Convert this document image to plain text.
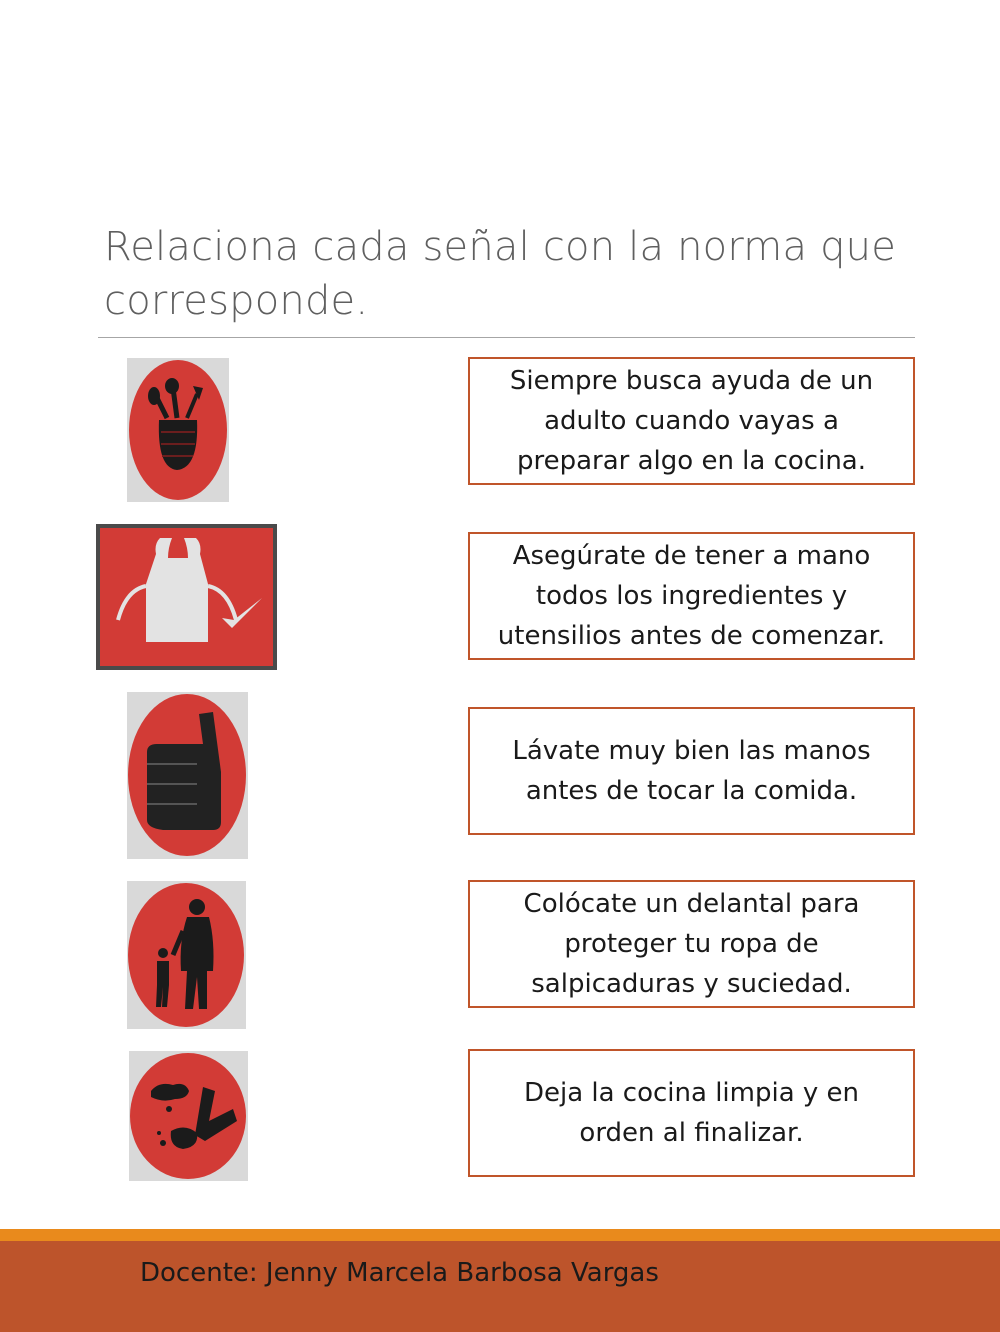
Relaciona cada señal con la norma que corresponde.
Siempre busca ayuda de un adulto cuando vayas a preparar algo en la cocina.
Asegúrate de tener a mano todos los ingredientes y utensilios antes de comenzar.
Lávate muy bien las manos antes de tocar la comida.
Colócate un delantal para proteger tu ropa de salpicaduras y suciedad.
Deja la cocina limpia y en orden al finalizar.
Docente: Jenny Marcela Barbosa Vargas
